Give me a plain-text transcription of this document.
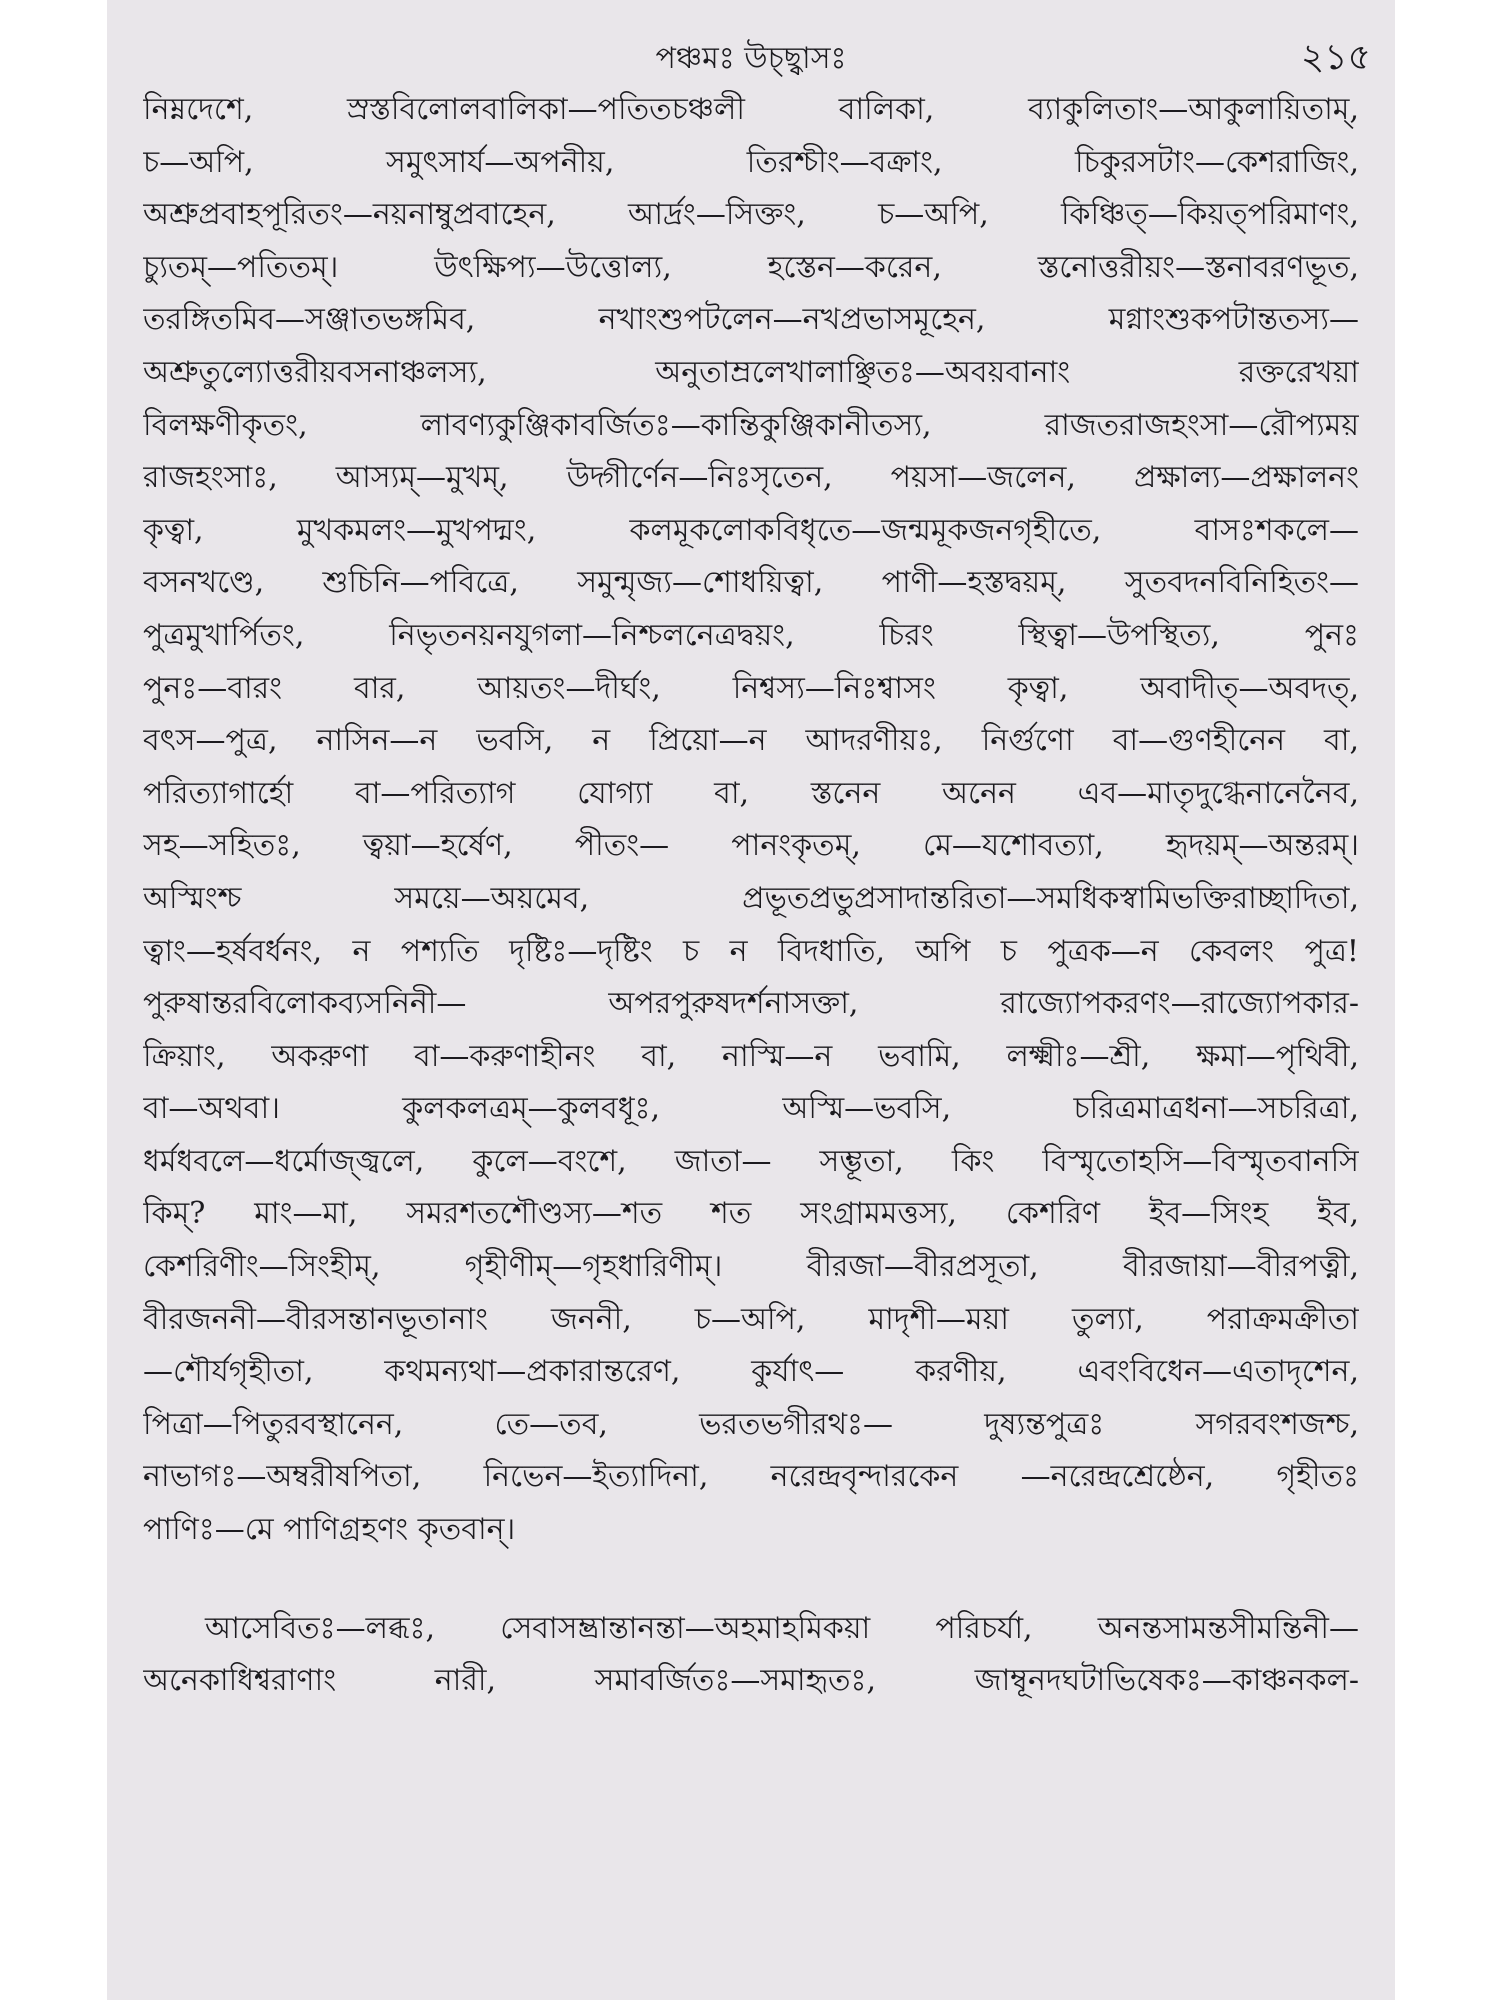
পঞ্চমঃ উচ্ছ্বাসঃ	২১৫
নিম্নদেশে, স্রস্তবিলোলবালিকা—পতিতচঞ্চলী বালিকা, ব্যাকুলিতাং—আকুলায়িতাম্,
চ—অপি, সমুৎসার্য—অপনীয়, তিরশ্চীং—বক্রাং, চিকুরসটাং—কেশরাজিং,
অশ্রুপ্রবাহপূরিতং—নয়নাম্বুপ্রবাহেন, আর্দ্রং—সিক্তং, চ—অপি, কিঞ্চিত্—কিয়ত্পরিমাণং,
চ্যুতম্—পতিতম্। উৎক্ষিপ্য—উত্তোল্য, হস্তেন—করেন, স্তনোত্তরীয়ং—স্তনাবরণভূত,
তরঙ্গিতমিব—সঞ্জাতভঙ্গমিব, নখাংশুপটলেন—নখপ্রভাসমূহেন, মগ্নাংশুকপটান্ততস্য—
অশ্রুতুল্যোত্তরীয়বসনাঞ্চলস্য, অনুতাম্রলেখালাঞ্ছিতঃ—অবয়বানাং রক্তরেখয়া
বিলক্ষণীকৃতং, লাবণ্যকুঞ্জিকাবর্জিতঃ—কান্তিকুঞ্জিকানীতস্য, রাজতরাজহংসা—রৌপ্যময়
রাজহংসাঃ, আস্যম্—মুখম্, উদ্গীর্ণেন—নিঃসৃতেন, পয়সা—জলেন, প্রক্ষাল্য—প্রক্ষালনং
কৃত্বা, মুখকমলং—মুখপদ্মং, কলমূকলোকবিধৃতে—জন্মমূকজনগৃহীতে, বাসঃশকলে—
বসনখণ্ডে, শুচিনি—পবিত্রে, সমুন্মৃজ্য—শোধয়িত্বা, পাণী—হস্তদ্বয়ম্, সুতবদনবিনিহিতং—
পুত্রমুখার্পিতং, নিভৃতনয়নযুগলা—নিশ্চলনেত্রদ্বয়ং, চিরং স্থিত্বা—উপস্থিত্য, পুনঃ
পুনঃ—বারং বার, আয়তং—দীর্ঘং, নিশ্বস্য—নিঃশ্বাসং কৃত্বা, অবাদীত্—অবদত্,
বৎস—পুত্র, নাসিন—ন ভবসি, ন প্রিয়ো—ন আদরণীয়ঃ, নির্গুণো বা—গুণহীনেন বা,
পরিত্যাগার্হো বা—পরিত্যাগ যোগ্যা বা, স্তনেন অনেন এব—মাতৃদুগ্ধেনানেনৈব,
সহ—সহিতঃ, ত্বয়া—হর্ষেণ, পীতং— পানংকৃতম্, মে—যশোবত্যা, হৃদয়ম্—অন্তরম্।
অস্মিংশ্চ সময়ে—অয়মেব, প্রভূতপ্রভুপ্রসাদান্তরিতা—সমধিকস্বামিভক্তিরাচ্ছাদিতা,
ত্বাং—হর্ষবর্ধনং, ন পশ্যতি দৃষ্টিঃ—দৃষ্টিং চ ন বিদধাতি, অপি চ পুত্রক—ন কেবলং পুত্র!
পুরুষান্তরবিলোকব্যসনিনী— অপরপুরুষদর্শনাসক্তা, রাজ্যোপকরণং—রাজ্যোপকার-
ক্রিয়াং, অকরুণা বা—করুণাহীনং বা, নাস্মি—ন ভবামি, লক্ষ্মীঃ—শ্রী, ক্ষমা—পৃথিবী,
বা—অথবা। কুলকলত্রম্—কুলবধূঃ, অস্মি—ভবসি, চরিত্রমাত্রধনা—সচরিত্রা,
ধর্মধবলে—ধর্মোজ্জ্বলে, কুলে—বংশে, জাতা— সম্ভূতা, কিং বিস্মৃতোহসি—বিস্মৃতবানসি
কিম্? মাং—মা, সমরশতশৌণ্ডস্য—শত শত সংগ্রামমত্তস্য, কেশরিণ ইব—সিংহ ইব,
কেশরিণীং—সিংহীম্, গৃহীণীম্—গৃহধারিণীম্। বীরজা—বীরপ্রসূতা, বীরজায়া—বীরপত্নী,
বীরজননী—বীরসন্তানভূতানাং জননী, চ—অপি, মাদৃশী—ময়া তুল্যা, পরাক্রমক্রীতা
—শৌর্যগৃহীতা, কথমন্যথা—প্রকারান্তরেণ, কুর্যাৎ— করণীয়, এবংবিধেন—এতাদৃশেন,
পিত্রা—পিতুরবস্থানেন, তে—তব, ভরতভগীরথঃ— দুষ্যন্তপুত্রঃ সগরবংশজশ্চ,
নাভাগঃ—অম্বরীষপিতা, নিভেন—ইত্যাদিনা, নরেন্দ্রবৃন্দারকেন —নরেন্দ্রশ্রেষ্ঠেন, গৃহীতঃ
পাণিঃ—মে পাণিগ্রহণং কৃতবান্।
আসেবিতঃ—লব্ধঃ, সেবাসম্ভ্রান্তানন্তা—অহমাহমিকয়া পরিচর্যা, অনন্তসামন্তসীমন্তিনী—
অনেকাধিশ্বরাণাং নারী, সমাবর্জিতঃ—সমাহৃতঃ, জাম্বূনদঘটাভিষেকঃ—কাঞ্চনকল-
